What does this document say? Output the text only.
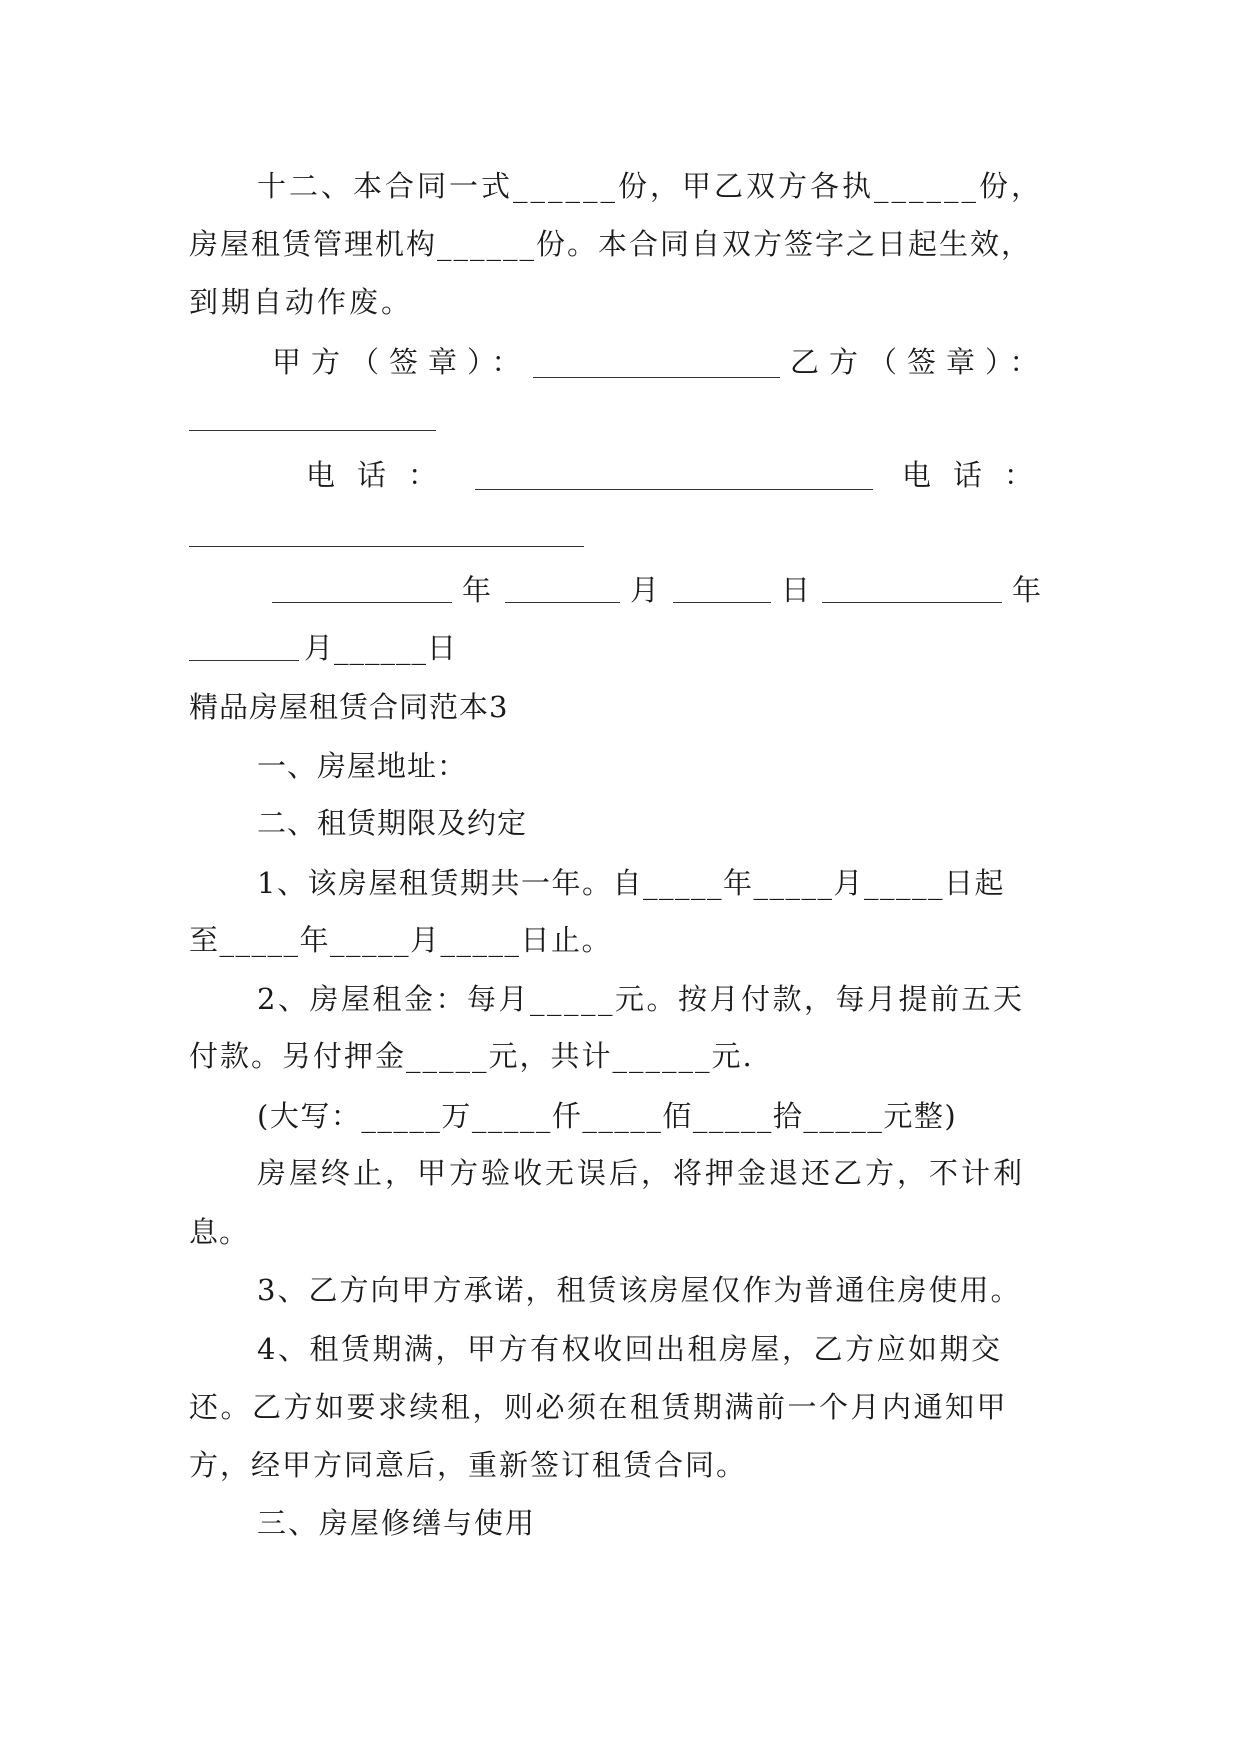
十二、本合同一式______份，甲乙双方各执______份，
房屋租赁管理机构______份。本合同自双方签字之日起生效，
到期自动作废。
甲方（签章）：	乙方（签章）：
电话：	电话：
年	月	日	年
月______日
精品房屋租赁合同范本3
一、房屋地址：
二、租赁期限及约定
1、该房屋租赁期共一年。自_____年_____月_____日起
至_____年_____月_____日止。
2、房屋租金：每月_____元。按月付款，每月提前五天
付款。另付押金_____元，共计______元.
(大写：_____万_____仟_____佰_____拾_____元整)
房屋终止，甲方验收无误后，将押金退还乙方，不计利
息。
3、乙方向甲方承诺，租赁该房屋仅作为普通住房使用。
4、租赁期满，甲方有权收回出租房屋，乙方应如期交
还。乙方如要求续租，则必须在租赁期满前一个月内通知甲
方，经甲方同意后，重新签订租赁合同。
三、房屋修缮与使用
